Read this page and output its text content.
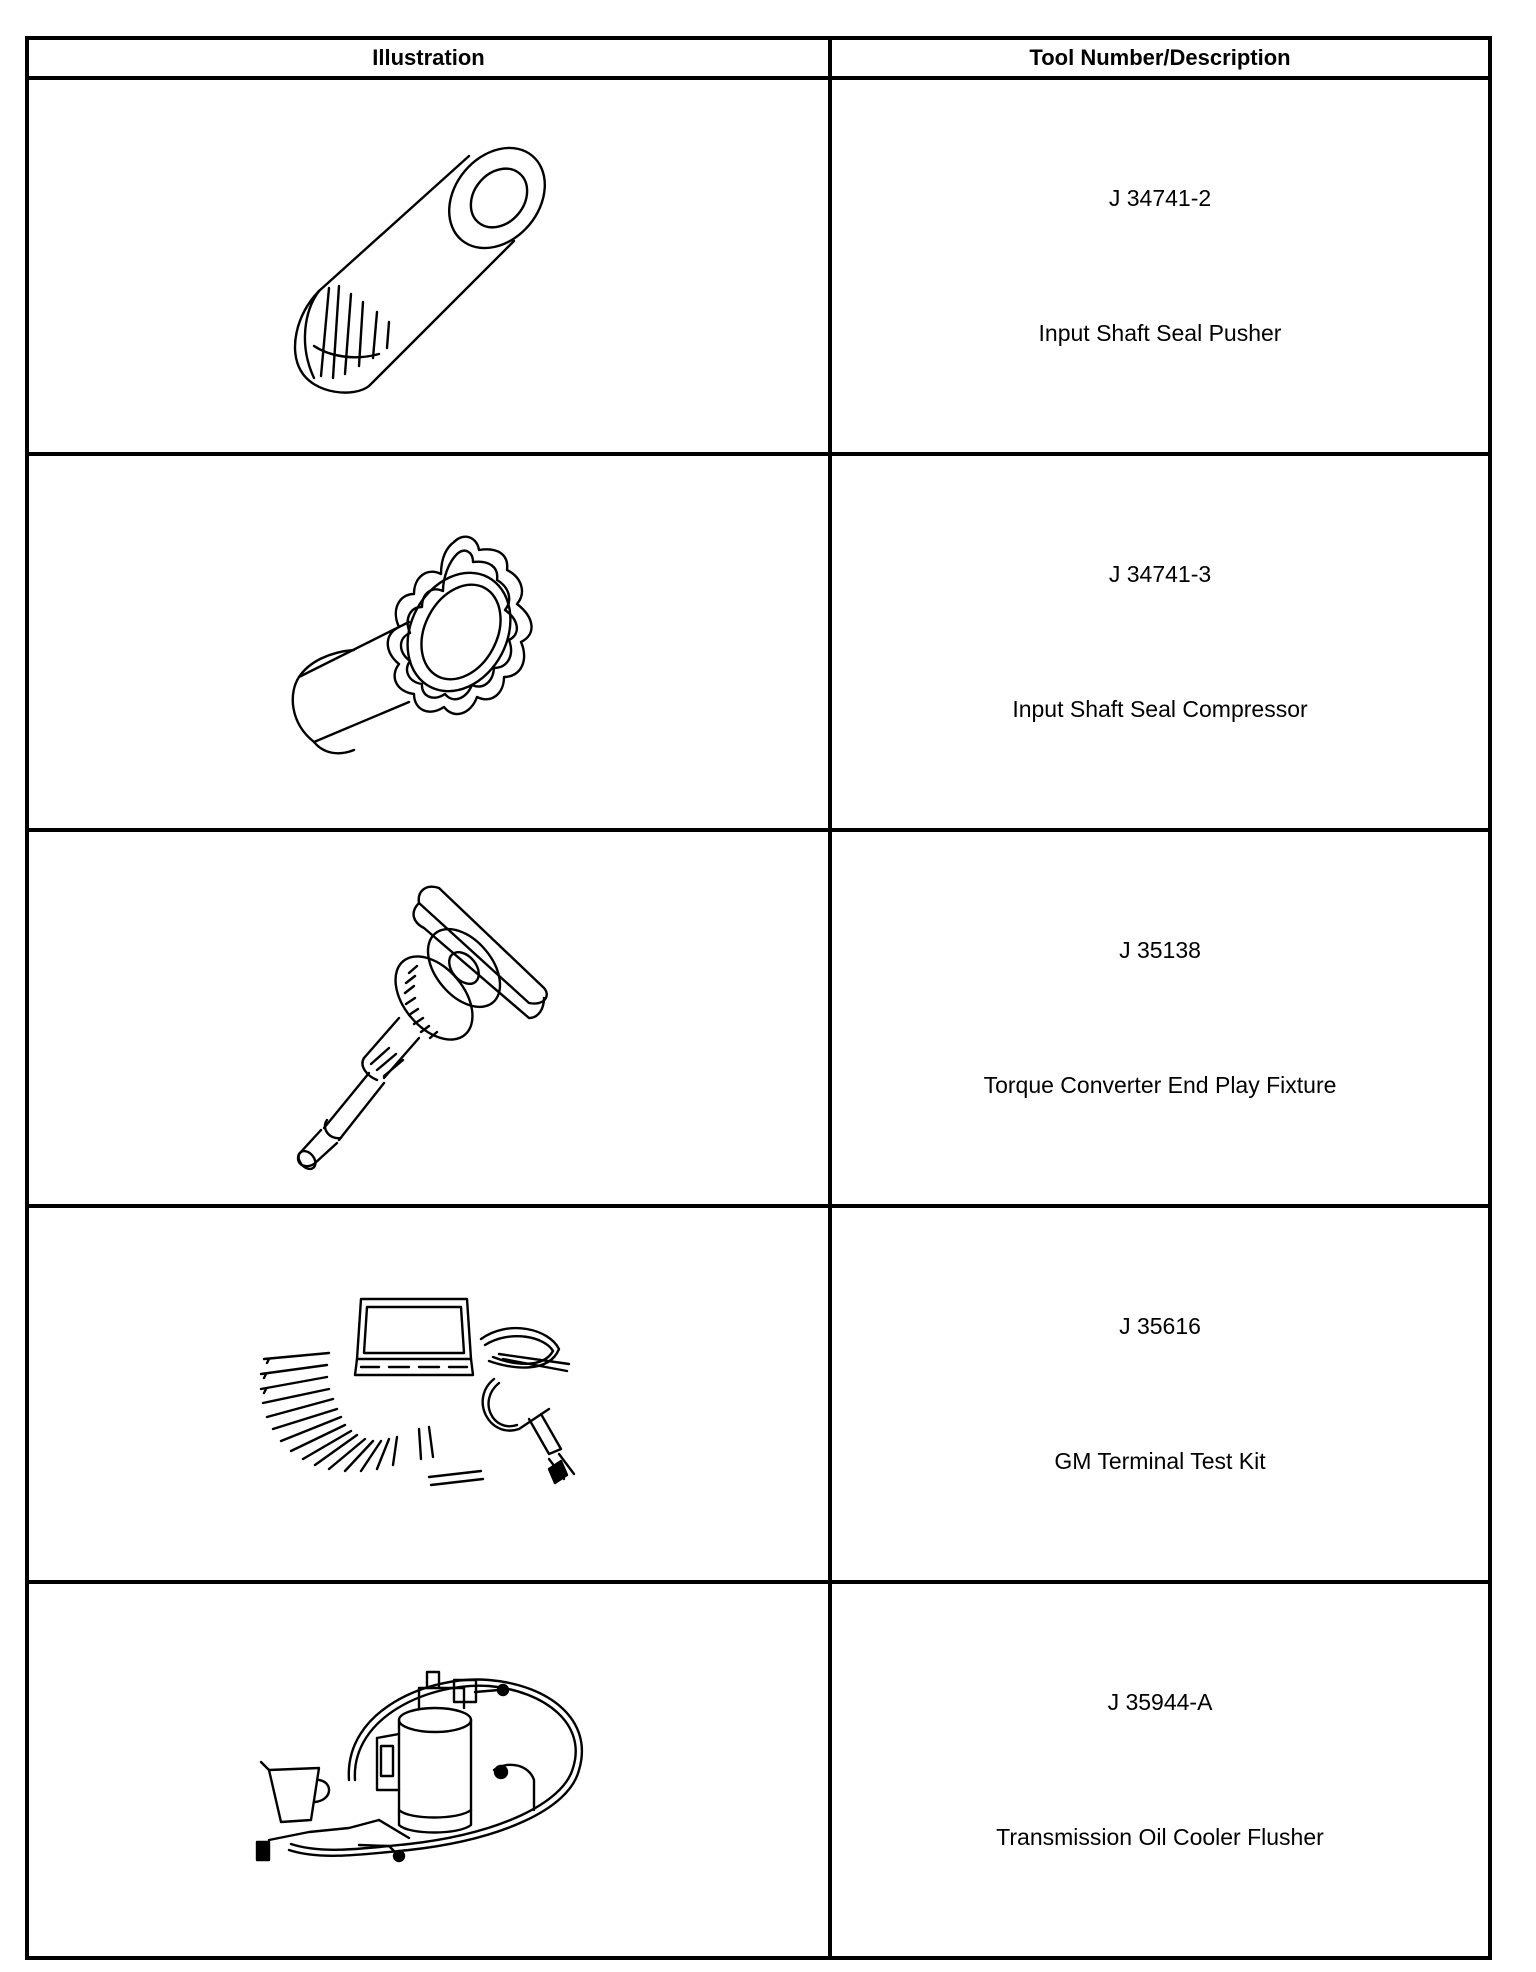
Illustration	Tool Number/Description

J 34741-2
Input Shaft Seal Pusher

J 34741-3
Input Shaft Seal Compressor

J 35138
Torque Converter End Play Fixture

J 35616
GM Terminal Test Kit

J 35944-A
Transmission Oil Cooler Flusher
